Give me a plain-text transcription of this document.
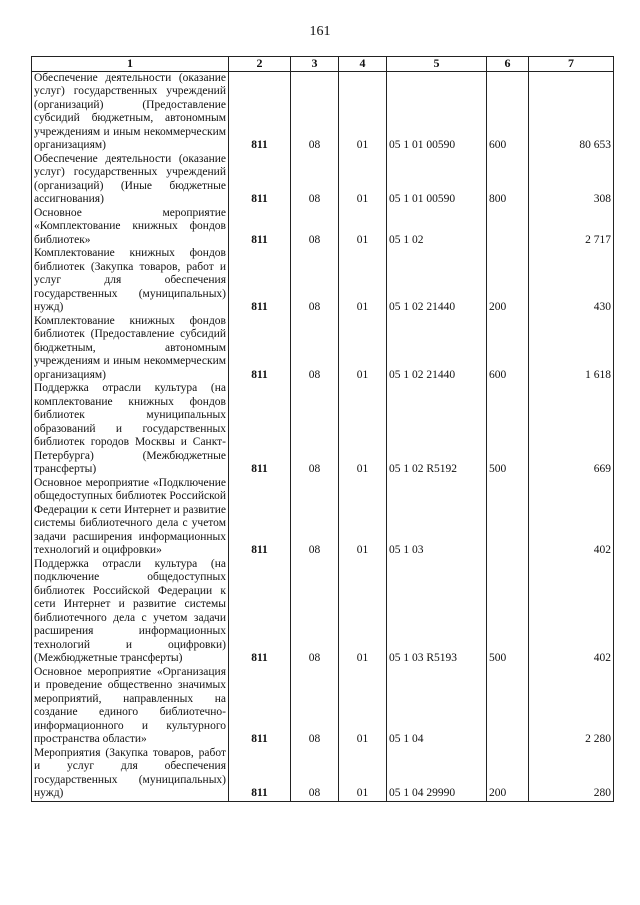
161
1	2	3	4	5	6	7
Обеспечение деятельности (оказание услуг) государственных учреждений (организаций) (Предоставление субсидий бюджетным, автономным учреждениям и иным некоммерческим организациям)	811	08	01	05 1 01 00590	600	80 653
Обеспечение деятельности (оказание услуг) государственных учреждений (организаций) (Иные бюджетные ассигнования)	811	08	01	05 1 01 00590	800	308
Основное мероприятие «Комплектование книжных фондов библиотек»	811	08	01	05 1 02		2 717
Комплектование книжных фондов библиотек (Закупка товаров, работ и услуг для обеспечения государственных (муниципальных) нужд)	811	08	01	05 1 02 21440	200	430
Комплектование книжных фондов библиотек (Предоставление субсидий бюджетным, автономным учреждениям и иным некоммерческим организациям)	811	08	01	05 1 02 21440	600	1 618
Поддержка отрасли культура (на комплектование книжных фондов библиотек муниципальных образований и государственных библиотек городов Москвы и Санкт-Петербурга) (Межбюджетные трансферты)	811	08	01	05 1 02 R5192	500	669
Основное мероприятие «Подключение общедоступных библиотек Российской Федерации к сети Интернет и развитие системы библиотечного дела с учетом задачи расширения информационных технологий и оцифровки»	811	08	01	05 1 03		402
Поддержка отрасли культура (на подключение общедоступных библиотек Российской Федерации к сети Интернет и развитие системы библиотечного дела с учетом задачи расширения информационных технологий и оцифровки) (Межбюджетные трансферты)	811	08	01	05 1 03 R5193	500	402
Основное мероприятие «Организация и проведение общественно значимых мероприятий, направленных на создание единого библиотечно-информационного и культурного пространства области»	811	08	01	05 1 04		2 280
Мероприятия (Закупка товаров, работ и услуг для обеспечения государственных (муниципальных) нужд)	811	08	01	05 1 04 29990	200	280
